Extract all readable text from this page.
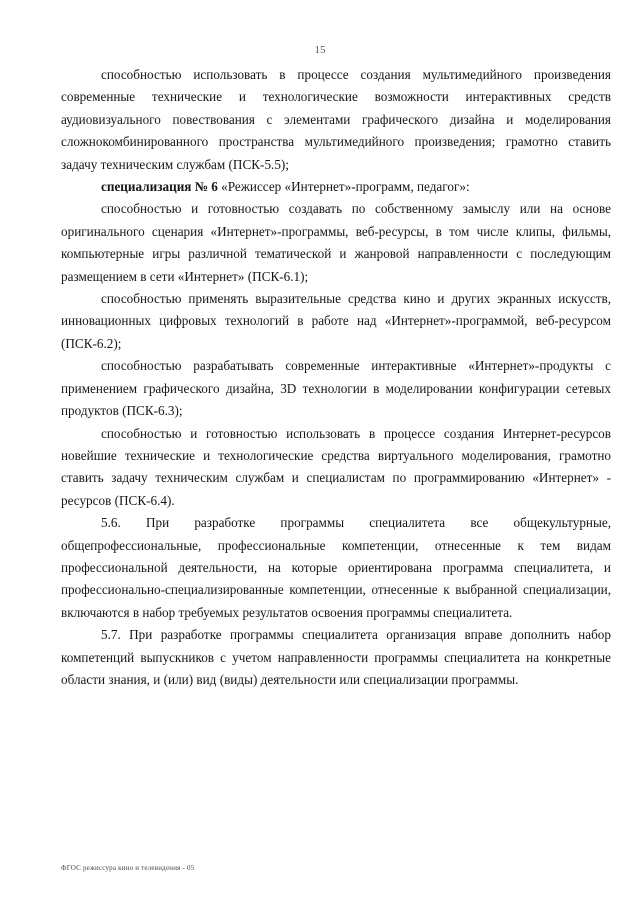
15

способностью использовать в процессе создания мультимедийного произведения современные технические и технологические возможности интерактивных средств аудиовизуального повествования с элементами графического дизайна и моделирования сложнокомбинированного пространства мультимедийного произведения; грамотно ставить задачу техническим службам (ПСК-5.5);

специализация № 6 «Режиссер «Интернет»-программ, педагог»:

способностью и готовностью создавать по собственному замыслу или на основе оригинального сценария «Интернет»-программы, веб-ресурсы, в том числе клипы, фильмы, компьютерные игры различной тематической и жанровой направленности с последующим размещением в сети «Интернет» (ПСК-6.1);

способностью применять выразительные средства кино и других экранных искусств, инновационных цифровых технологий в работе над «Интернет»-программой, веб-ресурсом (ПСК-6.2);

способностью разрабатывать современные интерактивные «Интернет»-продукты с применением графического дизайна, 3D технологии в моделировании конфигурации сетевых продуктов (ПСК-6.3);

способностью и готовностью использовать в процессе создания Интернет-ресурсов новейшие технические и технологические средства виртуального моделирования, грамотно ставить задачу техническим службам и специалистам по программированию «Интернет» - ресурсов (ПСК-6.4).

5.6. При разработке программы специалитета все общекультурные, общепрофессиональные, профессиональные компетенции, отнесенные к тем видам профессиональной деятельности, на которые ориентирована программа специалитета, и профессионально-специализированные компетенции, отнесенные к выбранной специализации, включаются в набор требуемых результатов освоения программы специалитета.

5.7. При разработке программы специалитета организация вправе дополнить набор компетенций выпускников с учетом направленности программы специалитета на конкретные области знания, и (или) вид (виды) деятельности или специализации программы.

ФГОС режиссура кино и телевидения - 05
